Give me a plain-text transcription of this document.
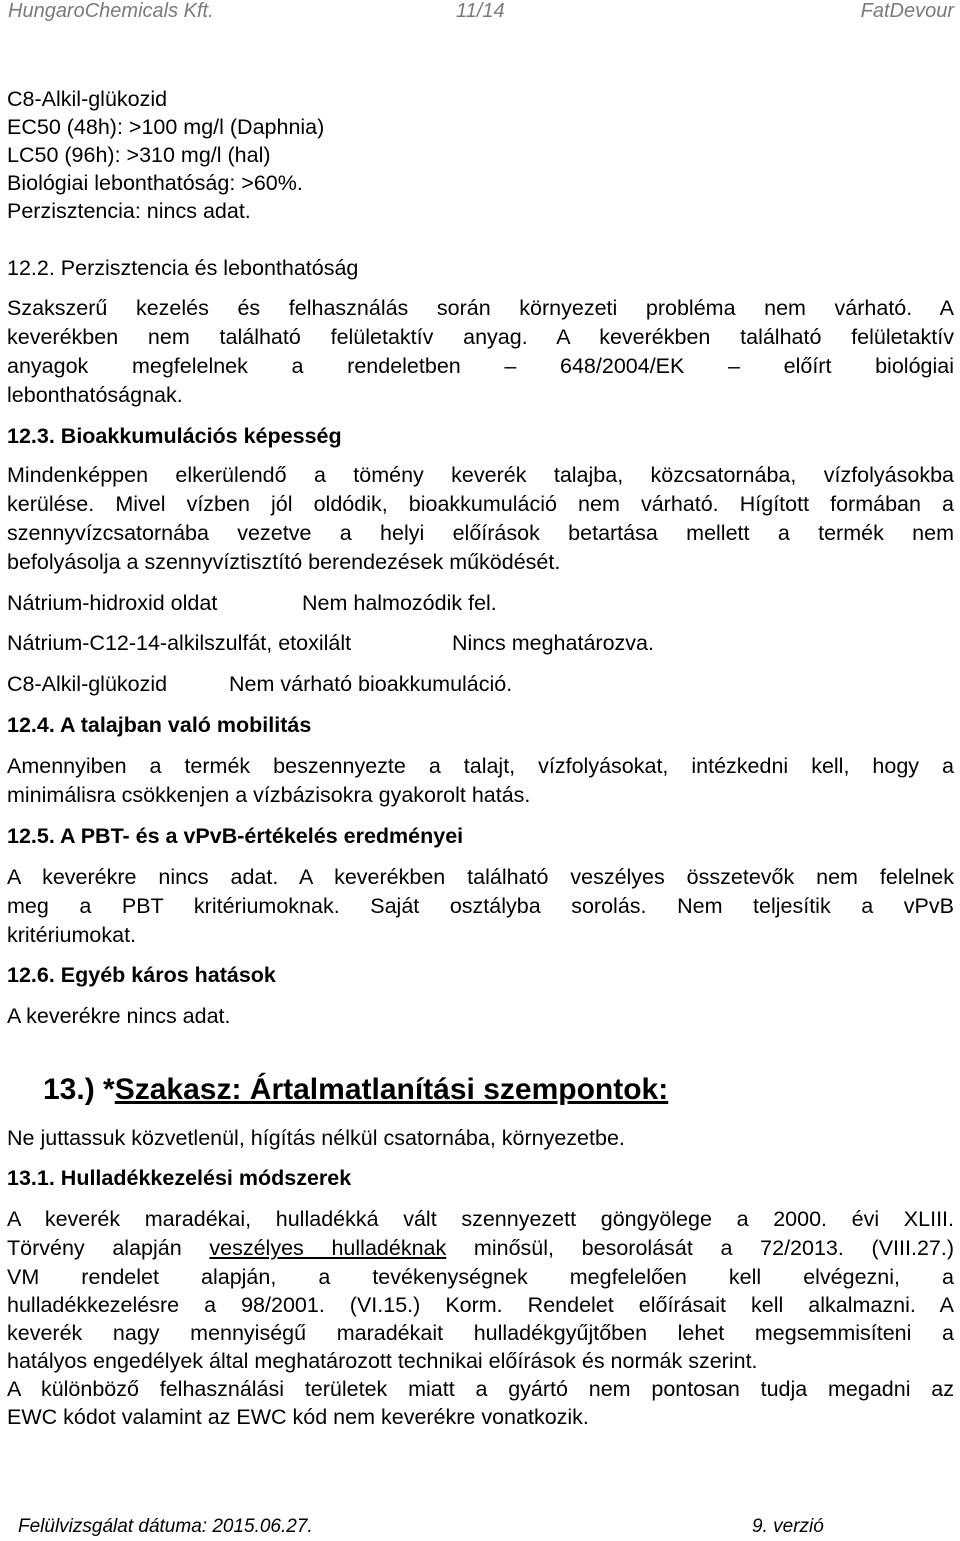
HungaroChemicals Kft.	11/14	FatDevour
C8-Alkil-glükozid
EC50 (48h): >100 mg/l (Daphnia)
LC50 (96h): >310 mg/l (hal)
Biológiai lebonthatóság: >60%.
Perzisztencia: nincs adat.
12.2. Perzisztencia és lebonthatóság
Szakszerű kezelés és felhasználás során környezeti probléma nem várható. A
keverékben nem található felületaktív anyag. A keverékben található felületaktív
anyagok megfelelnek a rendeletben – 648/2004/EK – előírt biológiai
lebonthatóságnak.
12.3. Bioakkumulációs képesség
Mindenképpen elkerülendő a tömény keverék talajba, közcsatornába, vízfolyásokba
kerülése. Mivel vízben jól oldódik, bioakkumuláció nem várható. Hígított formában a
szennyvízcsatornába vezetve a helyi előírások betartása mellett a termék nem
befolyásolja a szennyvíztisztító berendezések működését.
Nátrium-hidroxid oldat	Nem halmozódik fel.
Nátrium-C12-14-alkilszulfát, etoxilált	Nincs meghatározva.
C8-Alkil-glükozid	Nem várható bioakkumuláció.
12.4. A talajban való mobilitás
Amennyiben a termék beszennyezte a talajt, vízfolyásokat, intézkedni kell, hogy a
minimálisra csökkenjen a vízbázisokra gyakorolt hatás.
12.5. A PBT- és a vPvB-értékelés eredményei
A keverékre nincs adat. A keverékben található veszélyes összetevők nem felelnek
meg a PBT kritériumoknak. Saját osztályba sorolás. Nem teljesítik a vPvB
kritériumokat.
12.6. Egyéb káros hatások
A keverékre nincs adat.
13.) *Szakasz: Ártalmatlanítási szempontok:
Ne juttassuk közvetlenül, hígítás nélkül csatornába, környezetbe.
13.1. Hulladékkezelési módszerek
A keverék maradékai, hulladékká vált szennyezett göngyölege a 2000. évi XLIII.
Törvény alapján veszélyes hulladéknak minősül, besorolását a 72/2013. (VIII.27.)
VM rendelet alapján, a tevékenységnek megfelelően kell elvégezni, a
hulladékkezelésre a 98/2001. (VI.15.) Korm. Rendelet előírásait kell alkalmazni. A
keverék nagy mennyiségű maradékait hulladékgyűjtőben lehet megsemmisíteni a
hatályos engedélyek által meghatározott technikai előírások és normák szerint.
A különböző felhasználási területek miatt a gyártó nem pontosan tudja megadni az
EWC kódot valamint az EWC kód nem keverékre vonatkozik.
Felülvizsgálat dátuma: 2015.06.27.	9. verzió
